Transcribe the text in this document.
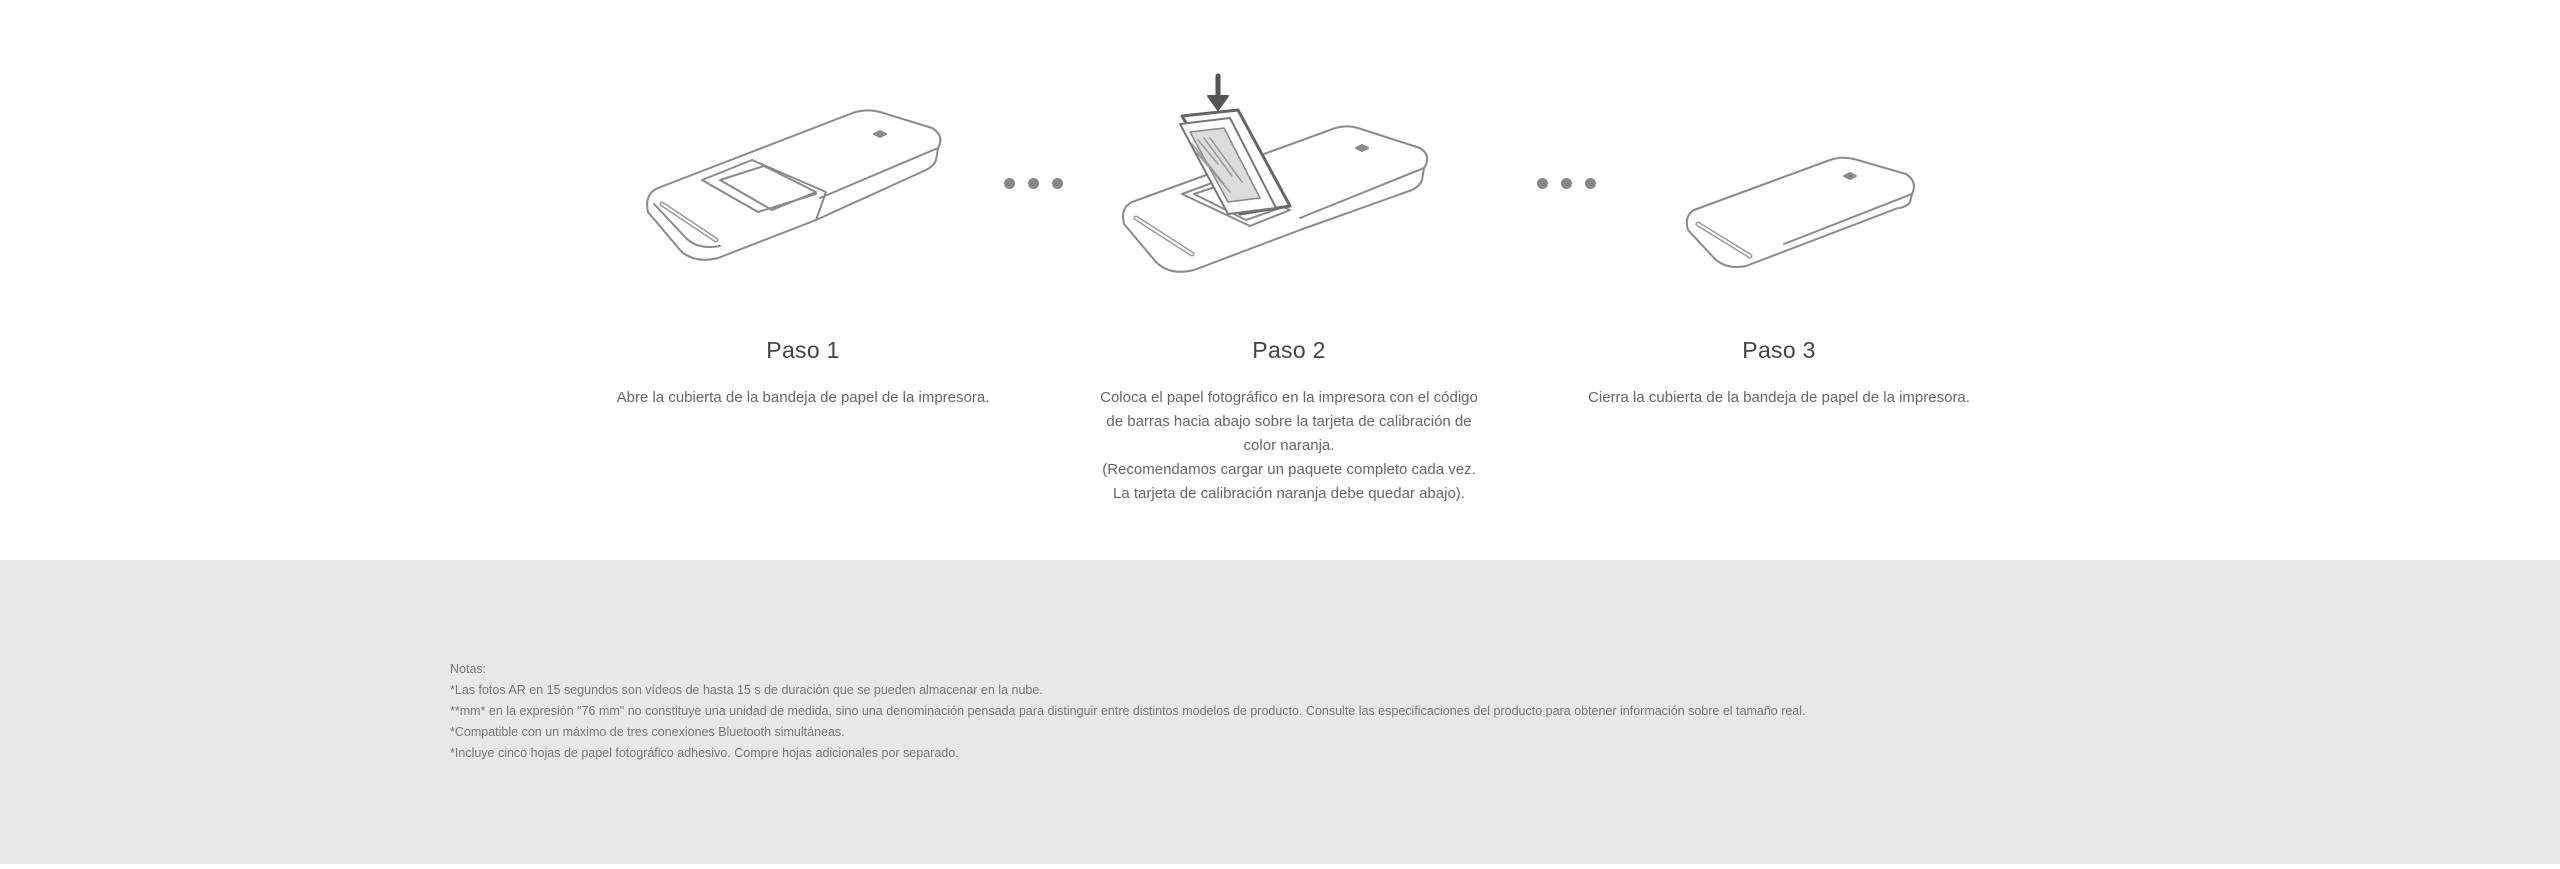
Paso 1
Abre la cubierta de la bandeja de papel de la impresora.
Paso 2
Coloca el papel fotográfico en la impresora con el código
de barras hacia abajo sobre la tarjeta de calibración de
color naranja.
(Recomendamos cargar un paquete completo cada vez.
La tarjeta de calibración naranja debe quedar abajo).
Paso 3
Cierra la cubierta de la bandeja de papel de la impresora.
Notas:
*Las fotos AR en 15 segundos son vídeos de hasta 15 s de duración que se pueden almacenar en la nube.
**mm* en la expresión "76 mm" no constituye una unidad de medida, sino una denominación pensada para distinguir entre distintos modelos de producto. Consulte las especificaciones del producto para obtener información sobre el tamaño real.
*Compatible con un máximo de tres conexiones Bluetooth simultáneas.
*Incluye cinco hojas de papel fotográfico adhesivo. Compre hojas adicionales por separado.
